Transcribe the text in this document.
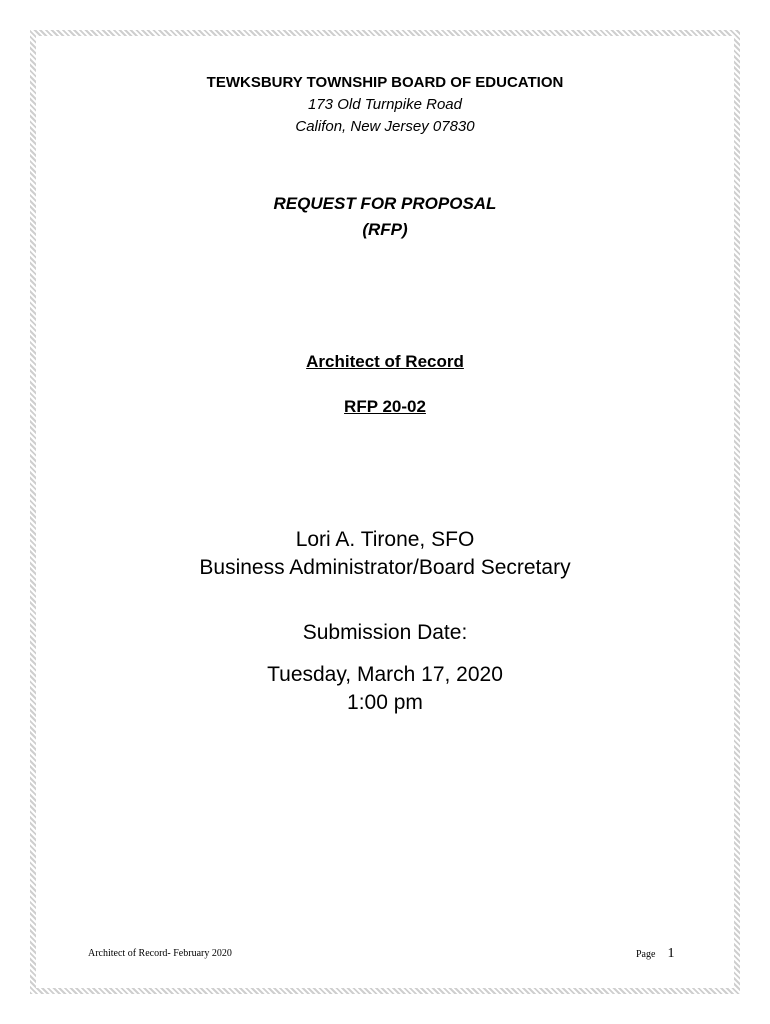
TEWKSBURY TOWNSHIP BOARD OF EDUCATION
173 Old Turnpike Road
Califon, New Jersey 07830
REQUEST FOR PROPOSAL
(RFP)
Architect of Record
RFP 20-02
Lori A. Tirone, SFO
Business Administrator/Board Secretary
Submission Date:
Tuesday, March 17, 2020
1:00 pm
Architect of Record- February 2020	Page 1
